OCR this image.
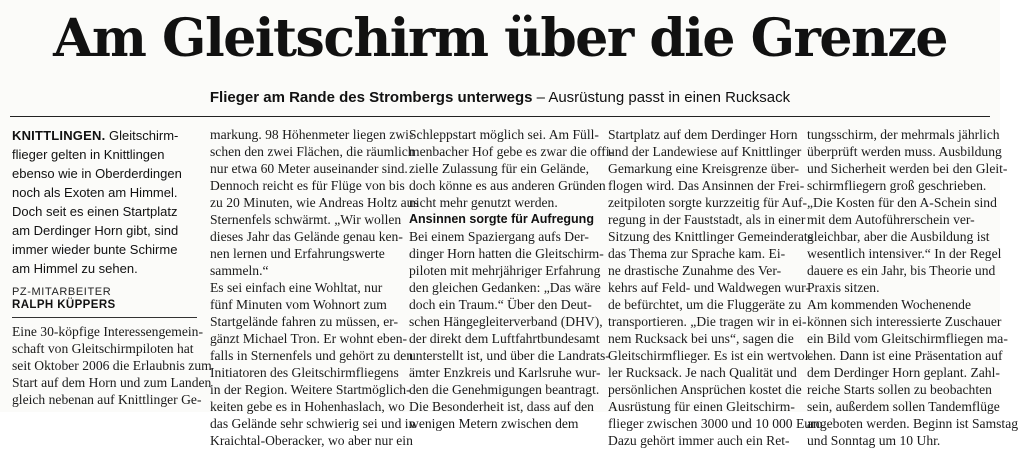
Am Gleitschirm über die Grenze
Flieger am Rande des Strombergs unterwegs – Ausrüstung passt in einen Rucksack
KNITTLINGEN. Gleitschirm-
flieger gelten in Knittlingen
ebenso wie in Oberderdingen
noch als Exoten am Himmel.
Doch seit es einen Startplatz
am Derdinger Horn gibt, sind
immer wieder bunte Schirme
am Himmel zu sehen.
PZ-MITARBEITER
RALPH KÜPPERS
Eine 30-köpfige Interessengemein-
schaft von Gleitschirmpiloten hat
seit Oktober 2006 die Erlaubnis zum
Start auf dem Horn und zum Landen
gleich nebenan auf Knittlinger Ge-
markung. 98 Höhenmeter liegen zwi-
schen den zwei Flächen, die räumlich
nur etwa 60 Meter auseinander sind.
Dennoch reicht es für Flüge von bis
zu 20 Minuten, wie Andreas Holtz aus
Sternenfels schwärmt. „Wir wollen
dieses Jahr das Gelände genau ken-
nen lernen und Erfahrungswerte
sammeln.“
Es sei einfach eine Wohltat, nur
fünf Minuten vom Wohnort zum
Startgelände fahren zu müssen, er-
gänzt Michael Tron. Er wohnt eben-
falls in Sternenfels und gehört zu den
Initiatoren des Gleitschirmfliegens
in der Region. Weitere Startmöglich-
keiten gebe es in Hohenhaslach, wo
das Gelände sehr schwierig sei und in
Kraichtal-Oberacker, wo aber nur ein
Schleppstart möglich sei. Am Füll-
menbacher Hof gebe es zwar die offi-
zielle Zulassung für ein Gelände,
doch könne es aus anderen Gründen
nicht mehr genutzt werden.
Ansinnen sorgte für Aufregung
Bei einem Spaziergang aufs Der-
dinger Horn hatten die Gleitschirm-
piloten mit mehrjähriger Erfahrung
den gleichen Gedanken: „Das wäre
doch ein Traum.“ Über den Deut-
schen Hängegleiterverband (DHV),
der direkt dem Luftfahrtbundesamt
unterstellt ist, und über die Landrats-
ämter Enzkreis und Karlsruhe wur-
den die Genehmigungen beantragt.
Die Besonderheit ist, dass auf den
wenigen Metern zwischen dem
Startplatz auf dem Derdinger Horn
und der Landewiese auf Knittlinger
Gemarkung eine Kreisgrenze über-
flogen wird. Das Ansinnen der Frei-
zeitpiloten sorgte kurzzeitig für Auf-
regung in der Fauststadt, als in einer
Sitzung des Knittlinger Gemeinderats
das Thema zur Sprache kam. Ei-
ne drastische Zunahme des Ver-
kehrs auf Feld- und Waldwegen wur-
de befürchtet, um die Fluggeräte zu
transportieren. „Die tragen wir in ei-
nem Rucksack bei uns“, sagen die
Gleitschirmflieger. Es ist ein wertvol-
ler Rucksack. Je nach Qualität und
persönlichen Ansprüchen kostet die
Ausrüstung für einen Gleitschirm-
flieger zwischen 3000 und 10 000 Euro.
Dazu gehört immer auch ein Ret-
tungsschirm, der mehrmals jährlich
überprüft werden muss. Ausbildung
und Sicherheit werden bei den Gleit-
schirmfliegern groß geschrieben.
„Die Kosten für den A-Schein sind
mit dem Autoführerschein ver-
gleichbar, aber die Ausbildung ist
wesentlich intensiver.“ In der Regel
dauere es ein Jahr, bis Theorie und
Praxis sitzen.
Am kommenden Wochenende
können sich interessierte Zuschauer
ein Bild vom Gleitschirmfliegen ma-
chen. Dann ist eine Präsentation auf
dem Derdinger Horn geplant. Zahl-
reiche Starts sollen zu beobachten
sein, außerdem sollen Tandemflüge
angeboten werden. Beginn ist Samstag
und Sonntag um 10 Uhr.
